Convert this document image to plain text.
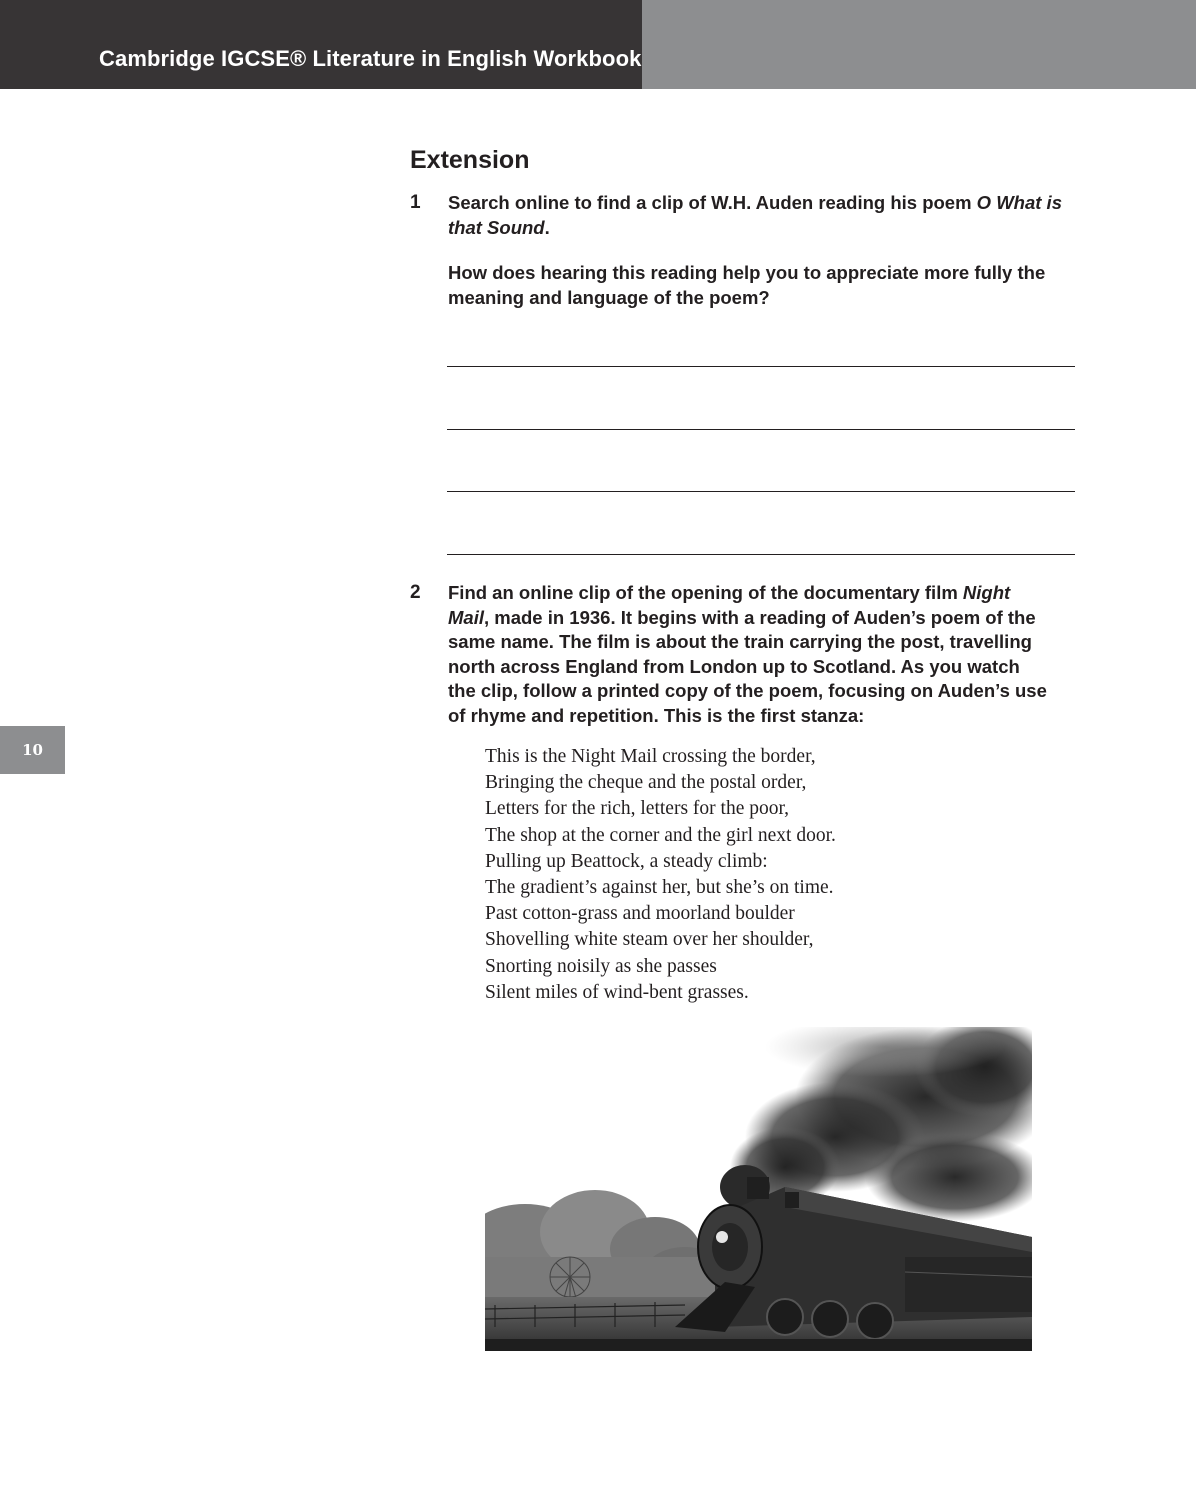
Cambridge IGCSE® Literature in English Workbook
10
Extension
1 Search online to find a clip of W.H. Auden reading his poem O What is that Sound.

How does hearing this reading help you to appreciate more fully the meaning and language of the poem?

2 Find an online clip of the opening of the documentary film Night Mail, made in 1936. It begins with a reading of Auden’s poem of the same name. The film is about the train carrying the post, travelling north across England from London up to Scotland. As you watch the clip, follow a printed copy of the poem, focusing on Auden’s use of rhyme and repetition. This is the first stanza:

This is the Night Mail crossing the border,
Bringing the cheque and the postal order,
Letters for the rich, letters for the poor,
The shop at the corner and the girl next door.
Pulling up Beattock, a steady climb:
The gradient’s against her, but she’s on time.
Past cotton-grass and moorland boulder
Shovelling white steam over her shoulder,
Snorting noisily as she passes
Silent miles of wind-bent grasses.
